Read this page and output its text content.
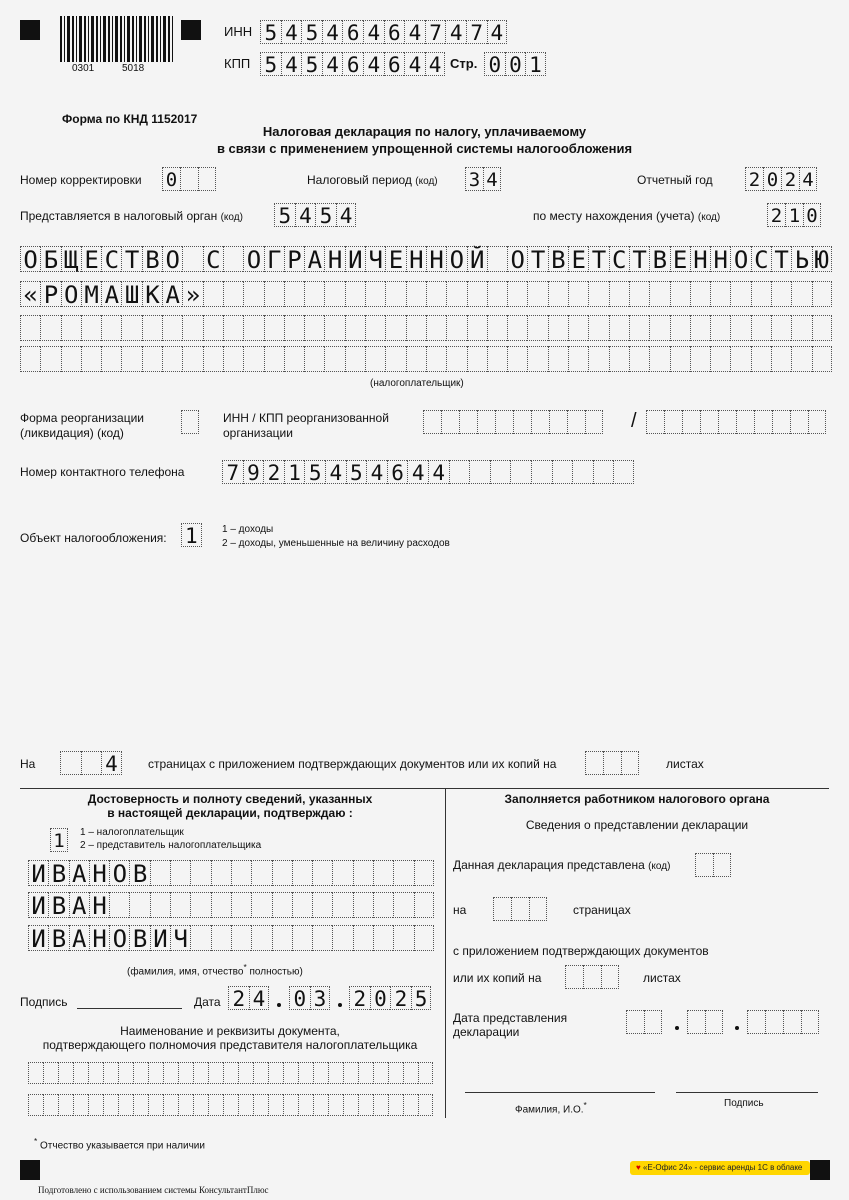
0301	5018
ИНН 5 4 5 4 6 4 6 4 7 4 7 4
КПП 5 4 5 4 6 4 6 4 4 Стр. 0 0 1
Форма по КНД 1152017
Налоговая декларация по налогу, уплачиваемому
в связи с применением упрощенной системы налогообложения
Номер корректировки 0	Налоговый период (код) 3 4	Отчетный год 2 0 2 4
Представляется в налоговый орган (код) 5 4 5 4	по месту нахождения (учета) (код)	2 1 0
О Б Щ Е С Т В О С О Г Р А Н И Ч Е Н Н О Й О Т В Е Т С Т В Е Н Н О С Т Ь Ю
« Р О М А Ш К А »
(налогоплательщик)
Форма реорганизации
(ликвидация) (код)
ИНН / КПП реорганизованной
организации
/
Номер контактного телефона 7 9 2 1 5 4 5 4 6 4 4
Объект налогообложения: 1	1 – доходы
2 – доходы, уменьшенные на величину расходов
На	4	страницах с приложением подтверждающих документов или их копий на	листах
Достоверность и полноту сведений, указанных
в настоящей декларации, подтверждаю :
1	1 – налогоплательщик
2 – представитель налогоплательщика
И В А Н О В
И В А Н
И В А Н О В И Ч
(фамилия, имя, отчество* полностью)
Подпись	Дата 2 4 0 3 2 0 2 5
Наименование и реквизиты документа,
подтверждающего полномочия представителя налогоплательщика
Заполняется работником налогового органа
Сведения о представлении декларации
Данная декларация представлена (код)
на	страницах
с приложением подтверждающих документов
или их копий на	листах
Дата представления
декларации
Фамилия, И.О.*	Подпись
* Отчество указывается при наличии
♥ «Е-Офис 24» - сервис аренды 1С в облаке
Подготовлено с использованием системы КонсультантПлюс
